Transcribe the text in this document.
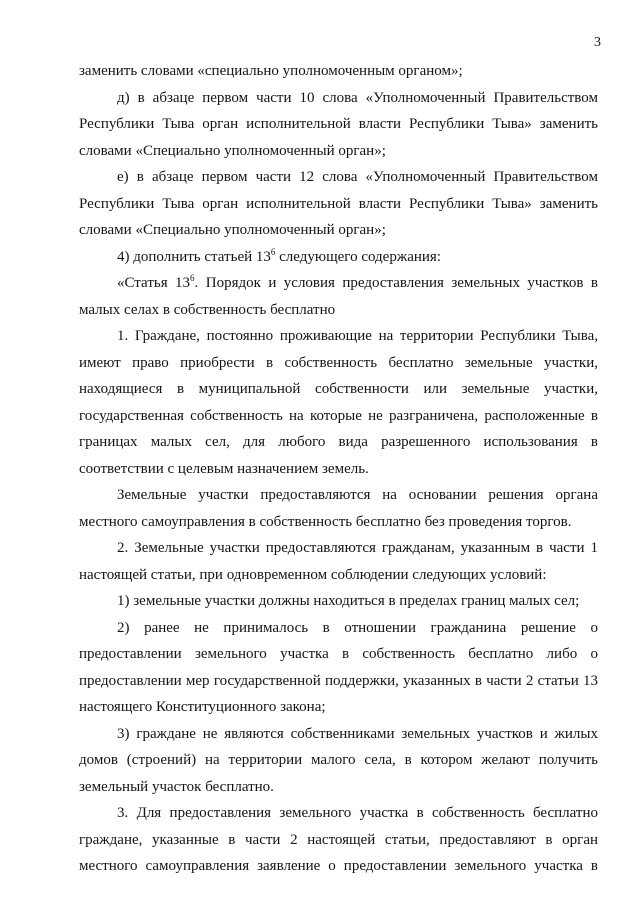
3

заменить словами «специально уполномоченным органом»;

д) в абзаце первом части 10 слова «Уполномоченный Правительством Республики Тыва орган исполнительной власти Республики Тыва» заменить словами «Специально уполномоченный орган»;

е) в абзаце первом части 12 слова «Уполномоченный Правительством Республики Тыва орган исполнительной власти Республики Тыва» заменить словами «Специально уполномоченный орган»;

4) дополнить статьей $13^6$ следующего содержания:

«Статья $13^6$. Порядок и условия предоставления земельных участков в малых селах в собственность бесплатно

1. Граждане, постоянно проживающие на территории Республики Тыва, имеют право приобрести в собственность бесплатно земельные участки, находящиеся в муниципальной собственности или земельные участки, государственная собственность на которые не разграничена, расположенные в границах малых сел, для любого вида разрешенного использования в соответствии с целевым назначением земель.

Земельные участки предоставляются на основании решения органа местного самоуправления в собственность бесплатно без проведения торгов.

2. Земельные участки предоставляются гражданам, указанным в части 1 настоящей статьи, при одновременном соблюдении следующих условий:

1) земельные участки должны находиться в пределах границ малых сел;

2) ранее не принималось в отношении гражданина решение о предоставлении земельного участка в собственность бесплатно либо о предоставлении мер государственной поддержки, указанных в части 2 статьи 13 настоящего Конституционного закона;

3) граждане не являются собственниками земельных участков и жилых домов (строений) на территории малого села, в котором желают получить земельный участок бесплатно.

3. Для предоставления земельного участка в собственность бесплатно граждане, указанные в части 2 настоящей статьи, предоставляют в орган местного самоуправления заявление о предоставлении земельного участка в
